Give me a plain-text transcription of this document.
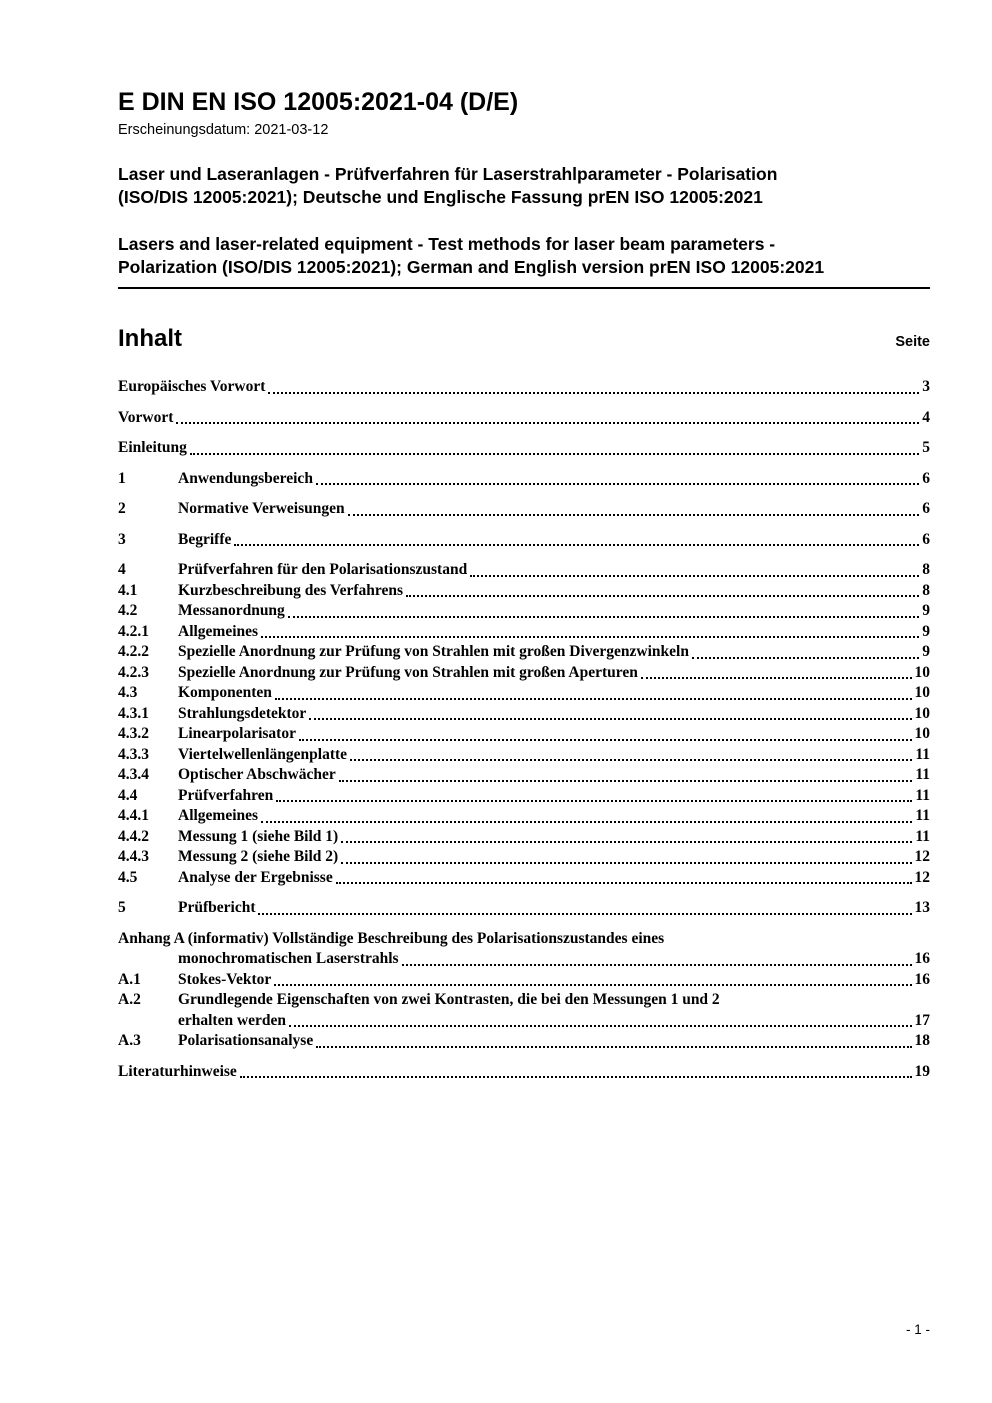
E DIN EN ISO 12005:2021-04 (D/E)
Erscheinungsdatum: 2021-03-12
Laser und Laseranlagen - Prüfverfahren für Laserstrahlparameter - Polarisation
(ISO/DIS 12005:2021); Deutsche und Englische Fassung prEN ISO 12005:2021
Lasers and laser-related equipment - Test methods for laser beam parameters -
Polarization (ISO/DIS 12005:2021); German and English version prEN ISO 12005:2021
Inhalt	Seite
Europäisches Vorwort	3
Vorwort	4
Einleitung	5
1	Anwendungsbereich	6
2	Normative Verweisungen	6
3	Begriffe	6
4	Prüfverfahren für den Polarisationszustand	8
4.1	Kurzbeschreibung des Verfahrens	8
4.2	Messanordnung	9
4.2.1	Allgemeines	9
4.2.2	Spezielle Anordnung zur Prüfung von Strahlen mit großen Divergenzwinkeln	9
4.2.3	Spezielle Anordnung zur Prüfung von Strahlen mit großen Aperturen	10
4.3	Komponenten	10
4.3.1	Strahlungsdetektor	10
4.3.2	Linearpolarisator	10
4.3.3	Viertelwellenlängenplatte	11
4.3.4	Optischer Abschwächer	11
4.4	Prüfverfahren	11
4.4.1	Allgemeines	11
4.4.2	Messung 1 (siehe Bild 1)	11
4.4.3	Messung 2 (siehe Bild 2)	12
4.5	Analyse der Ergebnisse	12
5	Prüfbericht	13
Anhang A (informativ) Vollständige Beschreibung des Polarisationszustandes eines
monochromatischen Laserstrahls	16
A.1	Stokes-Vektor	16
A.2	Grundlegende Eigenschaften von zwei Kontrasten, die bei den Messungen 1 und 2
erhalten werden	17
A.3	Polarisationsanalyse	18
Literaturhinweise	19
- 1 -
